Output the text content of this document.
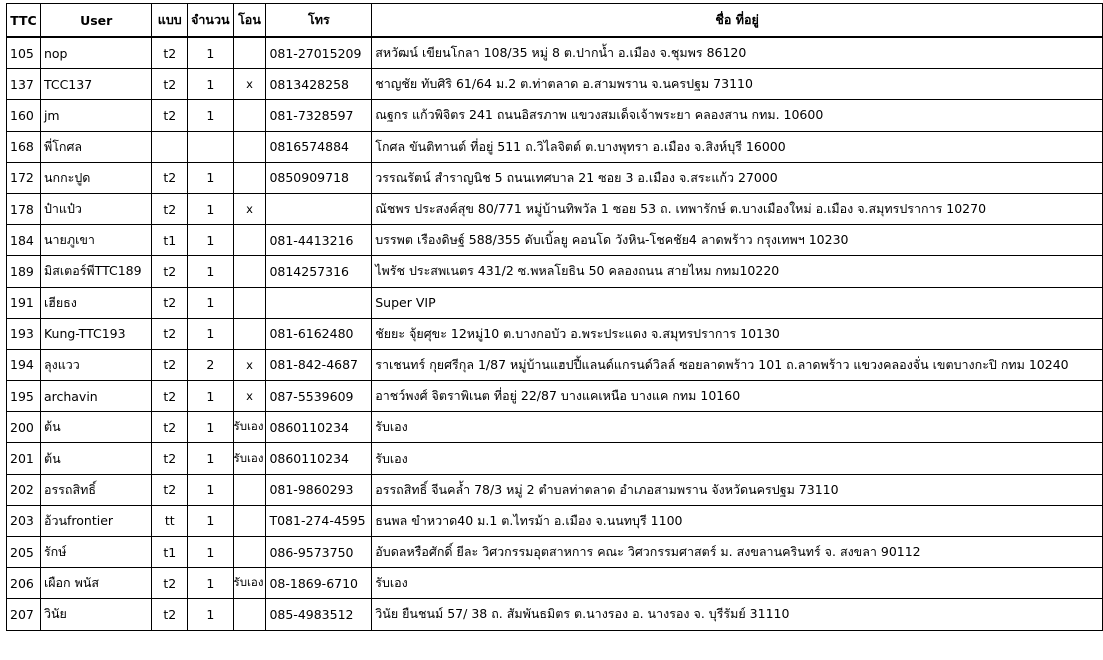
TTC	User	แบบ	จำนวน	โอน	โทร	ชื่อ ที่อยู่
105	nop	t2	1		081-27015209	สหวัฒน์ เขียนโกลา 108/35 หมู่ 8 ต.ปากน้ำ อ.เมือง จ.ชุมพร 86120
137	TCC137	t2	1	x	0813428258	ชาญชัย ทับศิริ 61/64 ม.2 ต.ท่าตลาด อ.สามพราน จ.นครปฐม 73110
160	jm	t2	1		081-7328597	ณฐกร แก้วพิจิตร 241 ถนนอิสรภาพ แขวงสมเด็จเจ้าพระยา คลองสาน กทม. 10600
168	พี่โกศล				0816574884	โกศล ขันติทานต์ ที่อยู่ 511 ถ.วิไลจิตต์ ต.บางพุทรา อ.เมือง จ.สิงห์บุรี 16000
172	นกกะปูด	t2	1		0850909718	วรรณรัตน์ สำราญนิช 5 ถนนเทศบาล 21 ซอย 3 อ.เมือง จ.สระแก้ว 27000
178	ป๋าแป๋ว	t2	1	x		ณัชพร ประสงค์สุข 80/771 หมู่บ้านทิพวัล 1 ซอย 53 ถ. เทพารักษ์ ต.บางเมืองใหม่ อ.เมือง จ.สมุทรปราการ 10270
184	นายภูเขา	t1	1		081-4413216	บรรพต เรืองดิษฐ์ 588/355 ดับเบิ้ลยู คอนโด วังหิน-โชคชัย4 ลาดพร้าว กรุงเทพฯ 10230
189	มิสเตอร์พีTTC189	t2	1		0814257316	ไพรัช ประสพเนตร 431/2 ซ.พหลโยธิน 50 คลองถนน สายไหม กทม10220
191	เฮียธง	t2	1			Super VIP
193	Kung-TTC193	t2	1		081-6162480	ชัยยะ จุ้ยศุขะ 12หมู่10 ต.บางกอบัว อ.พระประแดง จ.สมุทรปราการ 10130
194	ลุงแวว	t2	2	x	081-842-4687	ราเชนทร์ กุยศรีกุล 1/87 หมู่บ้านแฮปปี้แลนด์แกรนด์วิลล์ ซอยลาดพร้าว 101 ถ.ลาดพร้าว แขวงคลองจั่น เขตบางกะปิ กทม 10240
195	archavin	t2	1	x	087-5539609	อาชว์พงศ์ จิตราพิเนต ที่อยู่ 22/87 บางแคเหนือ บางแค กทม 10160
200	ต้น	t2	1	รับเอง	0860110234	รับเอง
201	ต้น	t2	1	รับเอง	0860110234	รับเอง
202	อรรถสิทธิ์	t2	1		081-9860293	อรรถสิทธิ์ จีนคล้ำ 78/3 หมู่ 2 ตำบลท่าตลาด อำเภอสามพราน จังหวัดนครปฐม 73110
203	อ้วนfrontier	tt	1		T081-274-4595	ธนพล ขำหวาด40 ม.1 ต.ไทรม้า อ.เมือง จ.นนทบุรี 1100
205	รักษ์	t1	1		086-9573750	อับดลหรือศักดิ์ ยีละ วิศวกรรมอุตสาหการ คณะ วิศวกรรมศาสตร์ ม. สงขลานครินทร์ จ. สงขลา 90112
206	เผือก พนัส	t2	1	รับเอง	08-1869-6710	รับเอง
207	วินัย	t2	1		085-4983512	วินัย ยืนชนม์ 57/ 38 ถ. สัมพันธมิตร ต.นางรอง อ. นางรอง จ. บุรีรัมย์ 31110
